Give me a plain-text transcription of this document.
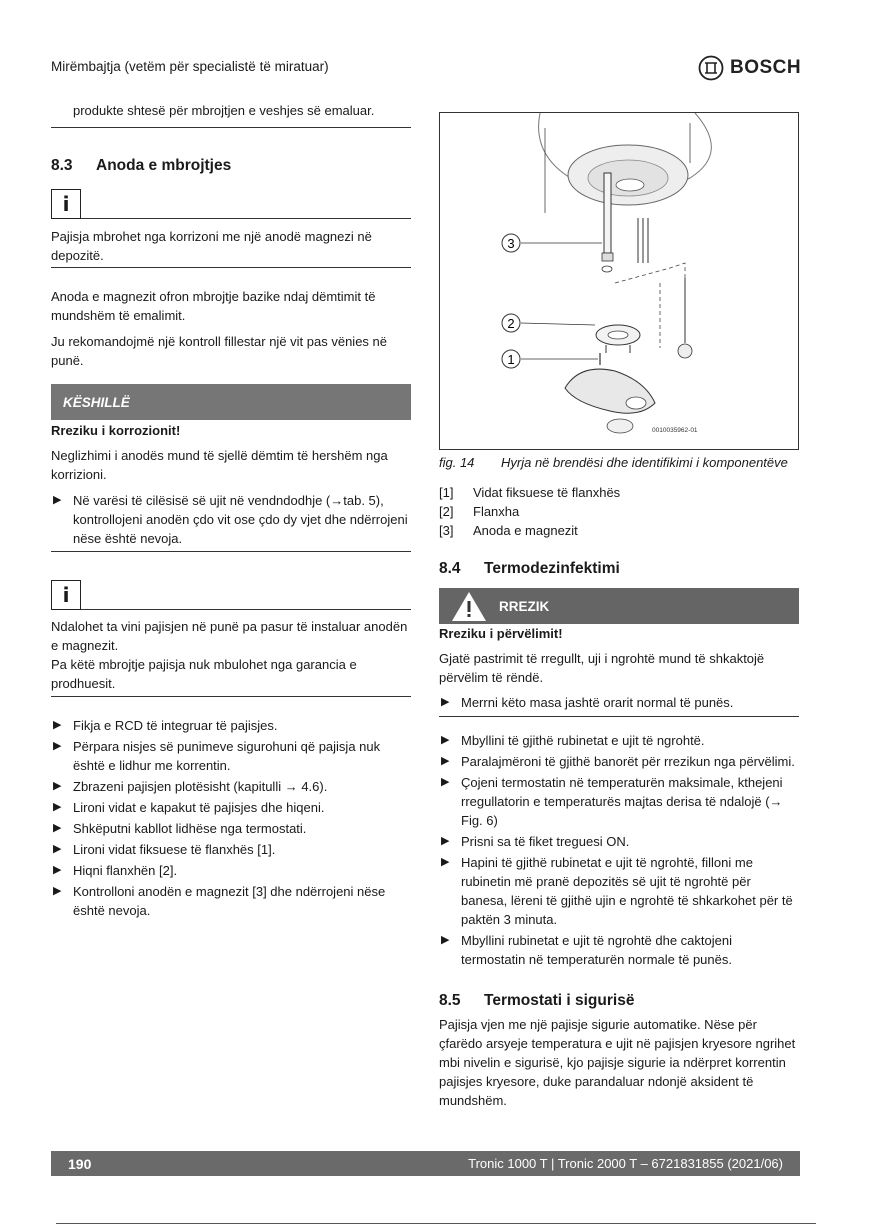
Mirëmbajtja (vetëm për specialistë të miratuar)	BOSCH
produkte shtesë për mbrojtjen e veshjes së emaluar.
8.3	Anoda e mbrojtjes
i

Pajisja mbrohet nga korrizoni me një anodë magnezi në depozitë.

Anoda e magnezit ofron mbrojtje bazike ndaj dëmtimit të mundshëm të emalimit.

Ju rekomandojmë një kontroll fillestar një vit pas vënies në punë.

KËSHILLË

Rreziku i korrozionit!

Neglizhimi i anodës mund të sjellë dëmtim të hershëm nga korrizioni.

▶ Në varësi të cilësisë së ujit në vendndodhje (→tab. 5), kontrollojeni anodën çdo vit ose çdo dy vjet dhe ndërrojeni nëse është nevoja.
i

Ndalohet ta vini pajisjen në punë pa pasur të instaluar anodën e magnezit.

Pa këtë mbrojtje pajisja nuk mbulohet nga garancia e prodhuesit.

▶ Fikja e RCD të integruar të pajisjes.
▶ Përpara nisjes së punimeve sigurohuni që pajisja nuk është e lidhur me korrentin.
▶ Zbrazeni pajisjen plotësisht (kapitulli → 4.6).
▶ Lironi vidat e kapakut të pajisjes dhe hiqeni.
▶ Shkëputni kabllot lidhëse nga termostati.
▶ Lironi vidat fiksuese të flanxhës [1].
▶ Hiqni flanxhën [2].
▶ Kontrolloni anodën e magnezit [3] dhe ndërrojeni nëse është nevoja.
3
2
1
0010035962-01
fig. 14	Hyrja në brendësi dhe identifikimi i komponentëve
[1]	Vidat fiksuese të flanxhës
[2]	Flanxha
[3]	Anoda e magnezit
8.4	Termodezinfektimi
RREZIK

Rreziku i përvëlimit!

Gjatë pastrimit të rregullt, uji i ngrohtë mund të shkaktojë përvëlim të rëndë.

▶ Merrni këto masa jashtë orarit normal të punës.
▶ Mbyllini të gjithë rubinetat e ujit të ngrohtë.
▶ Paralajmëroni të gjithë banorët për rrezikun nga përvëlimi.
▶ Çojeni termostatin në temperaturën maksimale, kthejeni rregullatorin e temperaturës majtas derisa të ndalojë (→ Fig. 6)
▶ Prisni sa të fiket treguesi ON.
▶ Hapini të gjithë rubinetat e ujit të ngrohtë, filloni me rubinetin më pranë depozitës së ujit të ngrohtë për banesa, lëreni të gjithë ujin e ngrohtë të shkarkohet për të paktën 3 minuta.
▶ Mbyllini rubinetat e ujit të ngrohtë dhe caktojeni termostatin në temperaturën normale të punës.
8.5	Termostati i sigurisë

Pajisja vjen me një pajisje sigurie automatike. Nëse për çfarëdo arsyeje temperatura e ujit në pajisjen kryesore ngrihet mbi nivelin e sigurisë, kjo pajisje sigurie ia ndërpret korrentin pajisjes kryesore, duke parandaluar ndonjë aksident të mundshëm.

190	Tronic 1000 T | Tronic 2000 T – 6721831855 (2021/06)
